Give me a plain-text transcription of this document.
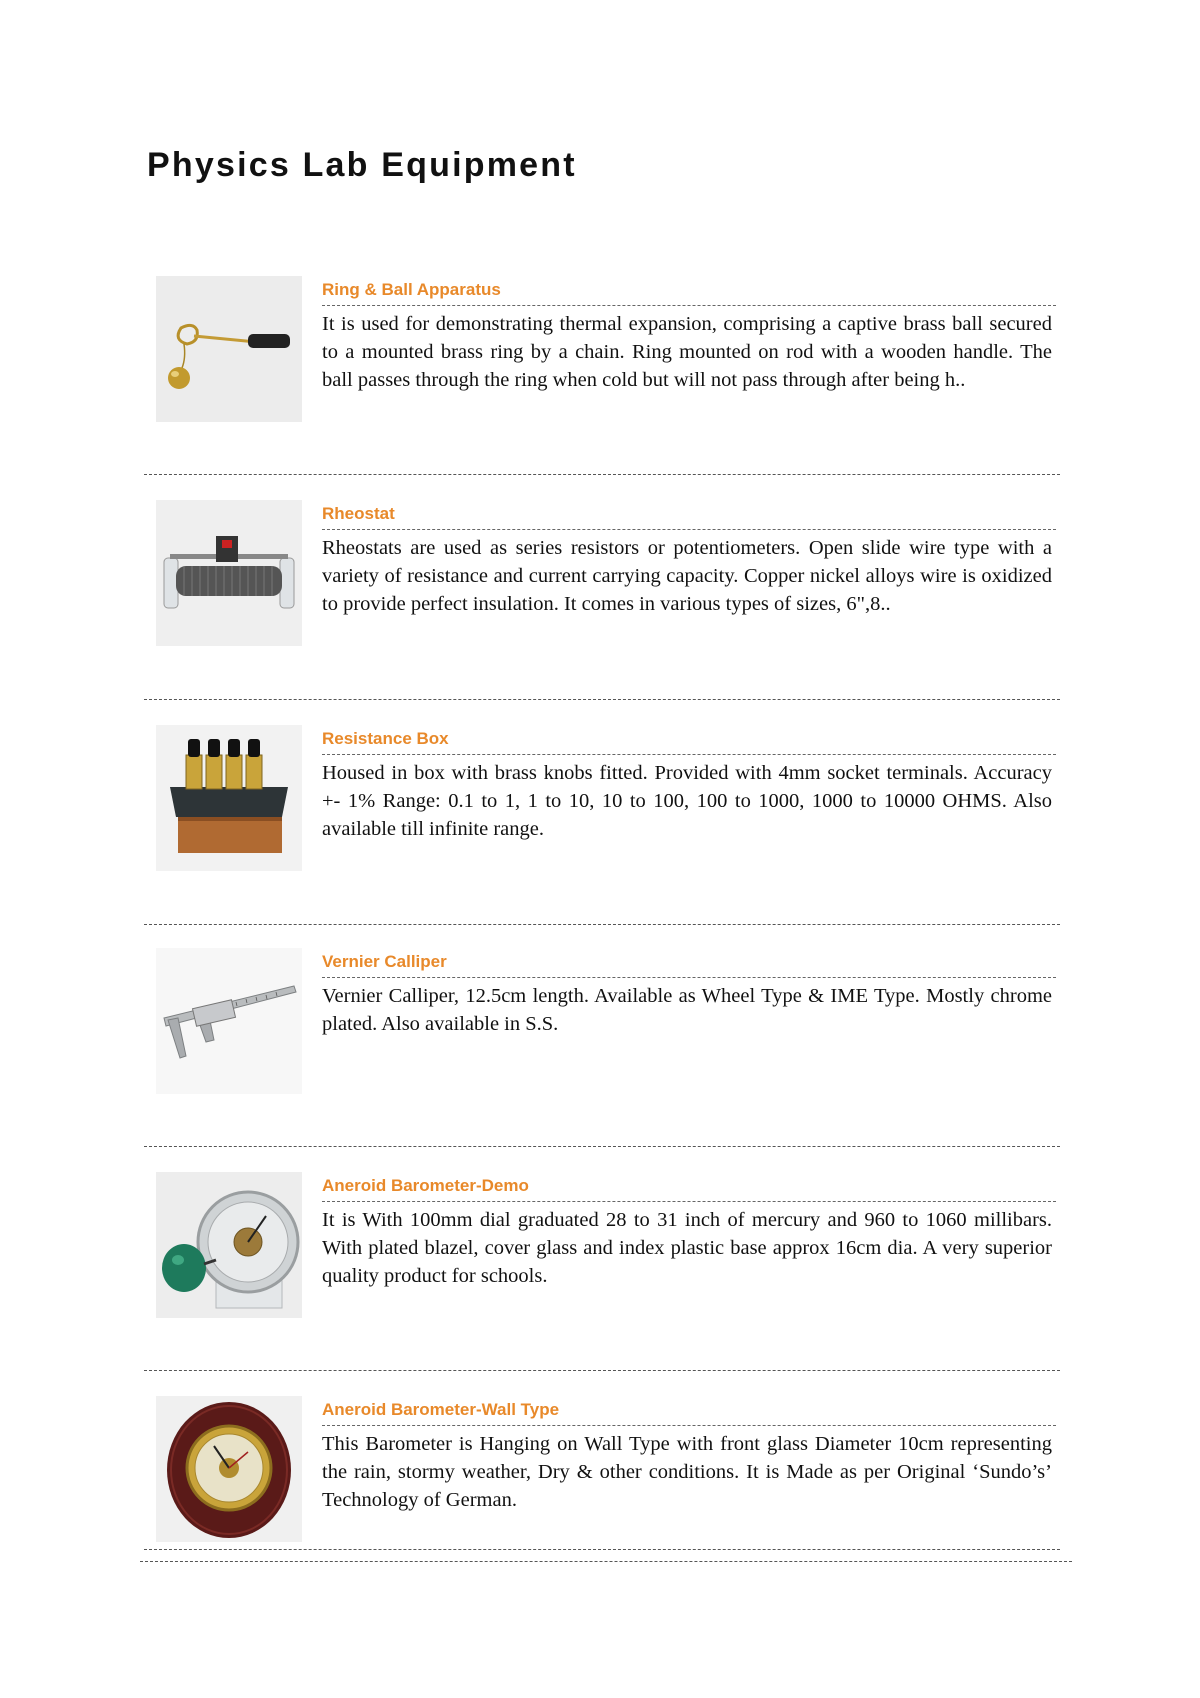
Physics Lab Equipment
Ring & Ball Apparatus

It is used for demonstrating thermal expansion, comprising a captive brass ball secured to a mounted brass ring by a chain. Ring mounted on rod with a wooden handle. The ball passes through the ring when cold but will not pass through after being h..

Rheostat

Rheostats are used as series resistors or potentiometers. Open slide wire type with a variety of resistance and current carrying capacity. Copper nickel alloys wire is oxidized to provide perfect insulation. It comes in various types of sizes, 6",8..

Resistance Box

Housed in box with brass knobs fitted. Provided with 4mm socket terminals. Accuracy +- 1% Range: 0.1 to 1, 1 to 10, 10 to 100, 100 to 1000, 1000 to 10000 OHMS. Also available till infinite range.

Vernier Calliper

Vernier Calliper, 12.5cm length. Available as Wheel Type & IME Type. Mostly chrome plated. Also available in S.S.

Aneroid Barometer-Demo

It is With 100mm dial graduated 28 to 31 inch of mercury and 960 to 1060 millibars. With plated blazel, cover glass and index plastic base approx 16cm dia. A very superior quality product for schools.

Aneroid Barometer-Wall Type

This Barometer is Hanging on Wall Type with front glass Diameter 10cm representing the rain, stormy weather, Dry & other conditions. It is Made as per Original ‘Sundo’s’ Technology of German.
